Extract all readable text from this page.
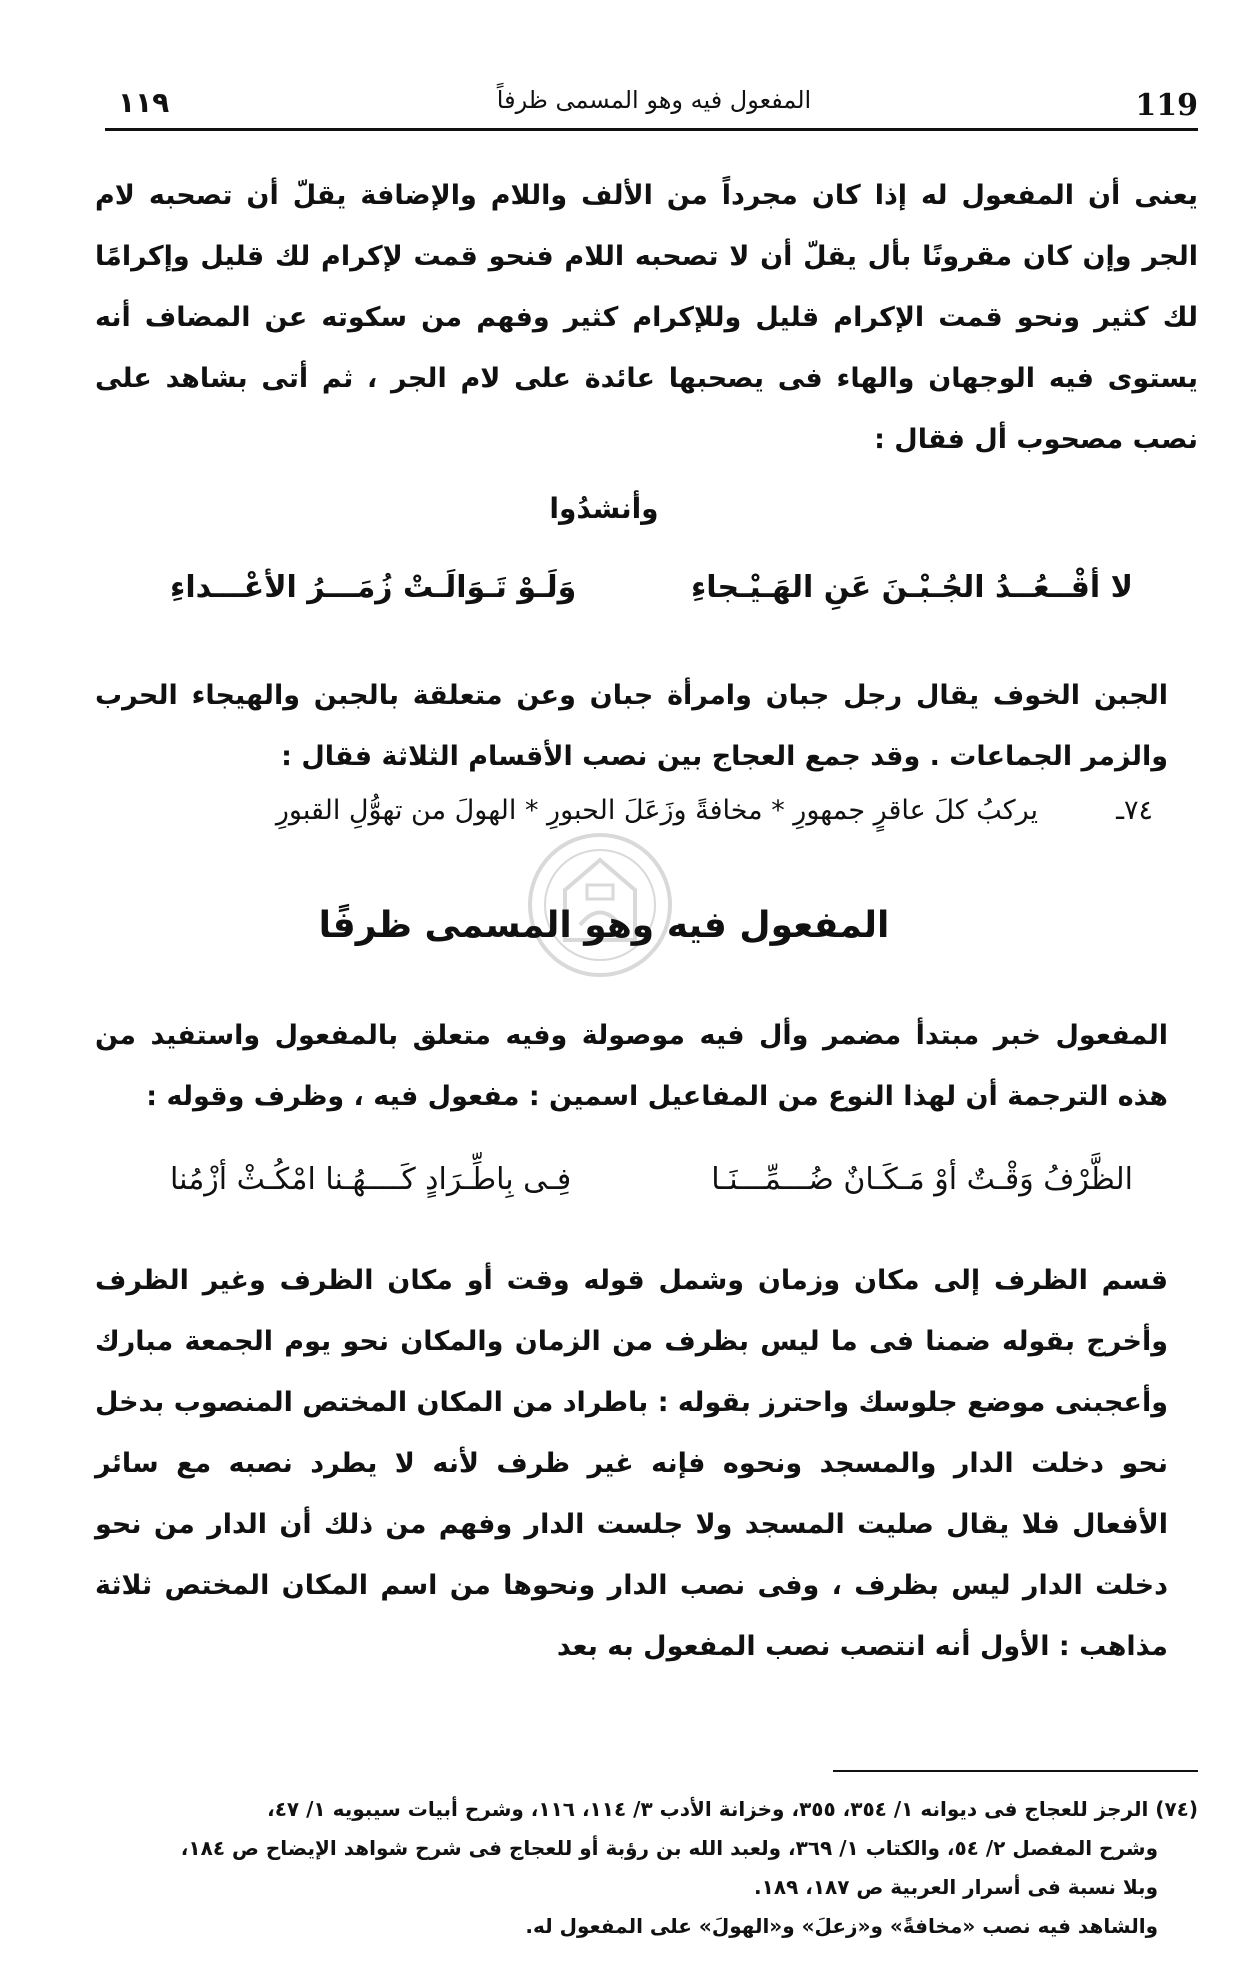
119
المفعول فيه وهو المسمى ظرفاً
١١٩
يعنى أن المفعول له إذا كان مجرداً من الألف واللام والإضافة يقلّ أن تصحبه لام الجر وإن كان مقرونًا بأل يقلّ أن لا تصحبه اللام فنحو قمت لإكرام لك قليل وإكرامًا لك كثير ونحو قمت الإكرام قليل وللإكرام كثير وفهم من سكوته عن المضاف أنه يستوى فيه الوجهان والهاء فى يصحبها عائدة على لام الجر ، ثم أتى بشاهد على نصب مصحوب أل فقال :
وأنشدُوا
لا أقْــعُــدُ الجُـبْـنَ عَنِ الهَـيْـجاءِ
وَلَـوْ تَـوَالَـتْ زُمَـــرُ الأعْـــداءِ
الجبن الخوف يقال رجل جبان وامرأة جبان وعن متعلقة بالجبن والهيجاء الحرب والزمر الجماعات . وقد جمع العجاج بين نصب الأقسام الثلاثة فقال :
٧٤ـ
يركبُ كلَ عاقرٍ جمهورِ * مخافةً وزَعَلَ الحبورِ * الهولَ من تهوُّلِ القبورِ
المفعول فيه وهو المسمى ظرفًا
المفعول خبر مبتدأ مضمر وأل فيه موصولة وفيه متعلق بالمفعول واستفيد من هذه الترجمة أن لهذا النوع من المفاعيل اسمين : مفعول فيه ، وظرف وقوله :
الظَّرْفُ وَقْـتٌ أوْ مَـكَـانٌ ضُـــمِّـــنَـا
فِـى بِاطِّـرَادٍ كَــــهُـنا امْكُـثْ أزْمُنا
قسم الظرف إلى مكان وزمان وشمل قوله وقت أو مكان الظرف وغير الظرف وأخرج بقوله ضمنا فى ما ليس بظرف من الزمان والمكان نحو يوم الجمعة مبارك وأعجبنى موضع جلوسك واحترز بقوله : باطراد من المكان المختص المنصوب بدخل نحو دخلت الدار والمسجد ونحوه فإنه غير ظرف لأنه لا يطرد نصبه مع سائر الأفعال فلا يقال صليت المسجد ولا جلست الدار وفهم من ذلك أن الدار من نحو دخلت الدار ليس بظرف ، وفى نصب الدار ونحوها من اسم المكان المختص ثلاثة مذاهب : الأول أنه انتصب نصب المفعول به بعد
(٧٤) الرجز للعجاج فى ديوانه ١/ ٣٥٤، ٣٥٥، وخزانة الأدب ٣/ ١١٤، ١١٦، وشرح أبيات سيبويه ١/ ٤٧،
وشرح المفصل ٢/ ٥٤، والكتاب ١/ ٣٦٩، ولعبد الله بن رؤبة أو للعجاج فى شرح شواهد الإيضاح ص ١٨٤،
وبلا نسبة فى أسرار العربية ص ١٨٧، ١٨٩.
والشاهد فيه نصب «مخافةً» و«زعلَ» و«الهولَ» على المفعول له.
